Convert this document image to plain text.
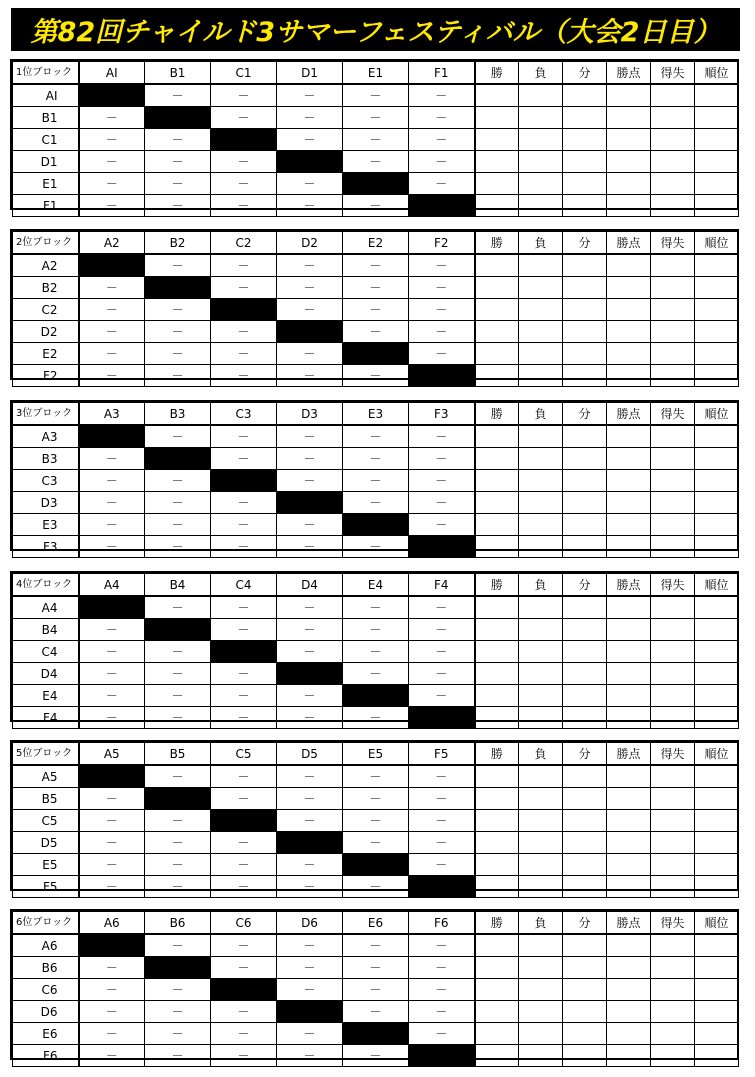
第82回チャイルド3サマーフェスティバル（大会2日目）
1位ブロック	AI	B1	C1	D1	E1	F1	勝	負	分	勝点	得失	順位
AI		－	－	－	－	－						
B1	－		－	－	－	－						
C1	－	－		－	－	－						
D1	－	－	－		－	－						
E1	－	－	－	－		－						
F1	－	－	－	－	－							
2位ブロック	A2	B2	C2	D2	E2	F2	勝	負	分	勝点	得失	順位
A2		－	－	－	－	－						
B2	－		－	－	－	－						
C2	－	－		－	－	－						
D2	－	－	－		－	－						
E2	－	－	－	－		－						
F2	－	－	－	－	－							
3位ブロック	A3	B3	C3	D3	E3	F3	勝	負	分	勝点	得失	順位
A3		－	－	－	－	－						
B3	－		－	－	－	－						
C3	－	－		－	－	－						
D3	－	－	－		－	－						
E3	－	－	－	－		－						
F3	－	－	－	－	－							
4位ブロック	A4	B4	C4	D4	E4	F4	勝	負	分	勝点	得失	順位
A4		－	－	－	－	－						
B4	－		－	－	－	－						
C4	－	－		－	－	－						
D4	－	－	－		－	－						
E4	－	－	－	－		－						
F4	－	－	－	－	－							
5位ブロック	A5	B5	C5	D5	E5	F5	勝	負	分	勝点	得失	順位
A5		－	－	－	－	－						
B5	－		－	－	－	－						
C5	－	－		－	－	－						
D5	－	－	－		－	－						
E5	－	－	－	－		－						
F5	－	－	－	－	－							
6位ブロック	A6	B6	C6	D6	E6	F6	勝	負	分	勝点	得失	順位
A6		－	－	－	－	－						
B6	－		－	－	－	－						
C6	－	－		－	－	－						
D6	－	－	－		－	－						
E6	－	－	－	－		－						
F6	－	－	－	－	－							
